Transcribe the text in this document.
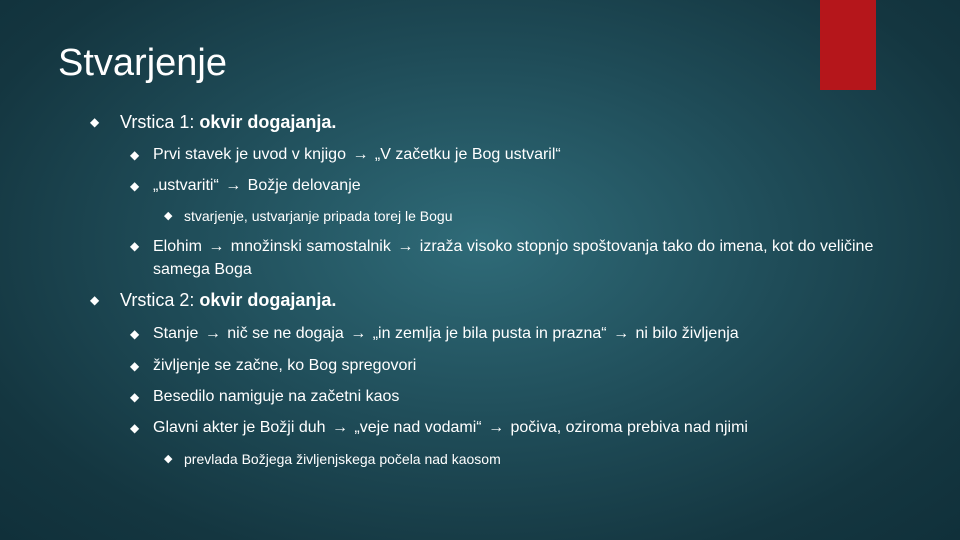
Stvarjenje
◆ Vrstica 1: okvir dogajanja.
◆ Prvi stavek je uvod v knjigo → „V začetku je Bog ustvaril“
◆ „ustvariti“ → Božje delovanje
◆ stvarjenje, ustvarjanje pripada torej le Bogu
◆ Elohim → množinski samostalnik → izraža visoko stopnjo spoštovanja tako do imena, kot do veličine samega Boga
◆ Vrstica 2: okvir dogajanja.
◆ Stanje → nič se ne dogaja → „in zemlja je bila pusta in prazna“ → ni bilo življenja
◆ življenje se začne, ko Bog spregovori
◆ Besedilo namiguje na začetni kaos
◆ Glavni akter je Božji duh → „veje nad vodami“ → počiva, oziroma prebiva nad njimi
◆ prevlada Božjega življenjskega počela nad kaosom
